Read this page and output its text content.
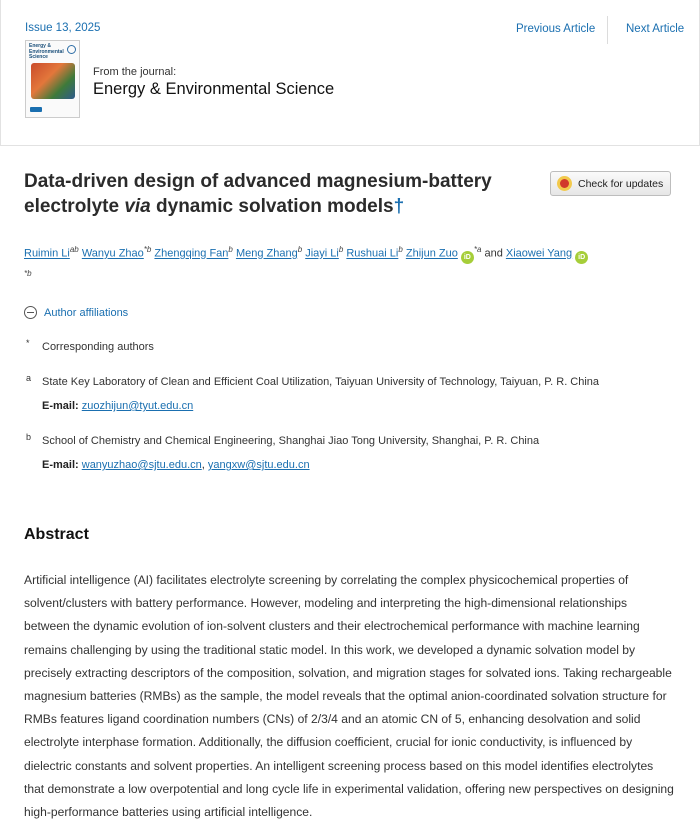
Issue 13, 2025	Previous Article	Next Article
Energy & Environmental Science
From the journal:
Energy & Environmental Science
Data-driven design of advanced magnesium-battery electrolyte via dynamic solvation models†
Check for updates
Ruimin $Li^{ab}$ Wanyu Zhao$^{*b}$ Zhengqing Fan$^b$ Meng Zhang$^b$ Jiayi Li$^b$ Rushuai Li$^b$ Zhijun Zuo $iD^{*a}$ and Xiaowei Yang iD
$^{*b}$
Author affiliations
* Corresponding authors
a State Key Laboratory of Clean and Efficient Coal Utilization, Taiyuan University of Technology, Taiyuan, P. R. China
E-mail: zuozhijun@tyut.edu.cn
b School of Chemistry and Chemical Engineering, Shanghai Jiao Tong University, Shanghai, P. R. China
E-mail: wanyuzhao@sjtu.edu.cn, yangxw@sjtu.edu.cn
Abstract

Artificial intelligence (AI) facilitates electrolyte screening by correlating the complex physicochemical properties of solvent/clusters with battery performance. However, modeling and interpreting the high-dimensional relationships between the dynamic evolution of ion-solvent clusters and their electrochemical performance with machine learning remains challenging by using the traditional static model. In this work, we developed a dynamic solvation model by precisely extracting descriptors of the composition, solvation, and migration stages for solvated ions. Taking rechargeable magnesium batteries (RMBs) as the sample, the model reveals that the optimal anion-coordinated solvation structure for RMBs features ligand coordination numbers (CNs) of 2/3/4 and an atomic CN of 5, enhancing desolvation and solid electrolyte interphase formation. Additionally, the diffusion coefficient, crucial for ionic conductivity, is influenced by dielectric constants and solvent properties. An intelligent screening process based on this model identifies electrolytes that demonstrate a low overpotential and long cycle life in experimental validation, offering new perspectives on designing high-performance batteries using artificial intelligence.
